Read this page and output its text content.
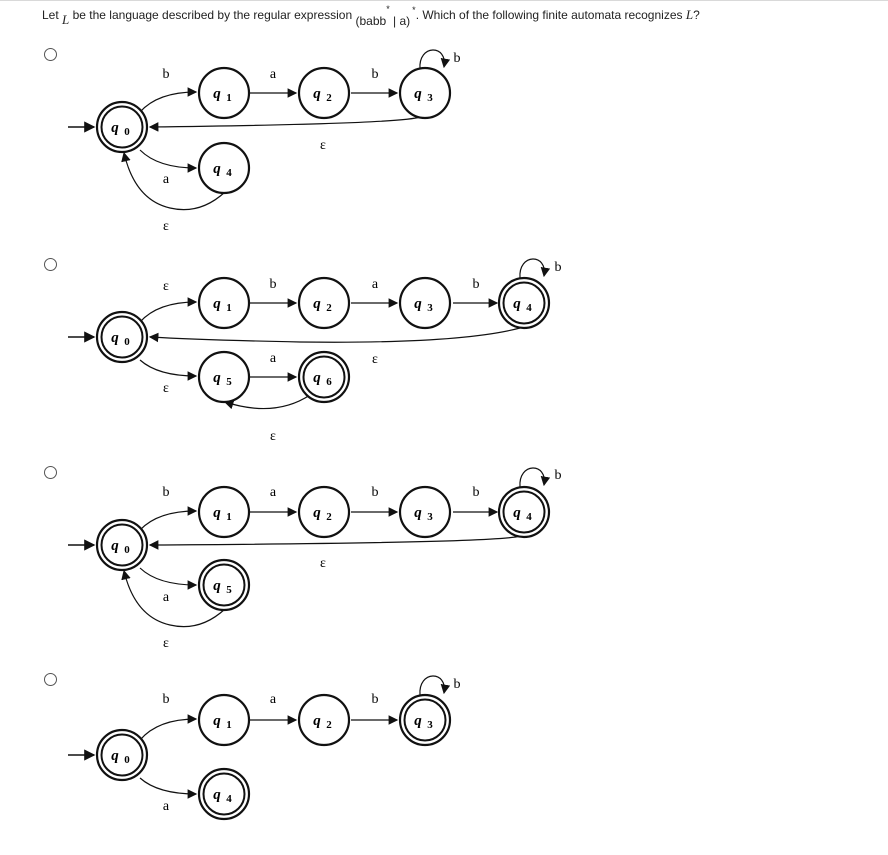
Let L be the language described by the regular expression (babb* | a)*. Which of the following finite automata recognizes L?
b	a	b
b
ε
a
ε
q 0
q 1	q 2	q 3
q 4
ε	b	a	b
b
ε
ε
a
ε
q 0
q 1	q 2	q 3	q 4
q 5	q 6
b	a	b	b
b
ε
a
ε
q 0
q 1	q 2	q 3	q 4
q 5
b	a	b
b
a
q 0
q 1	q 2	q 3
q 4
